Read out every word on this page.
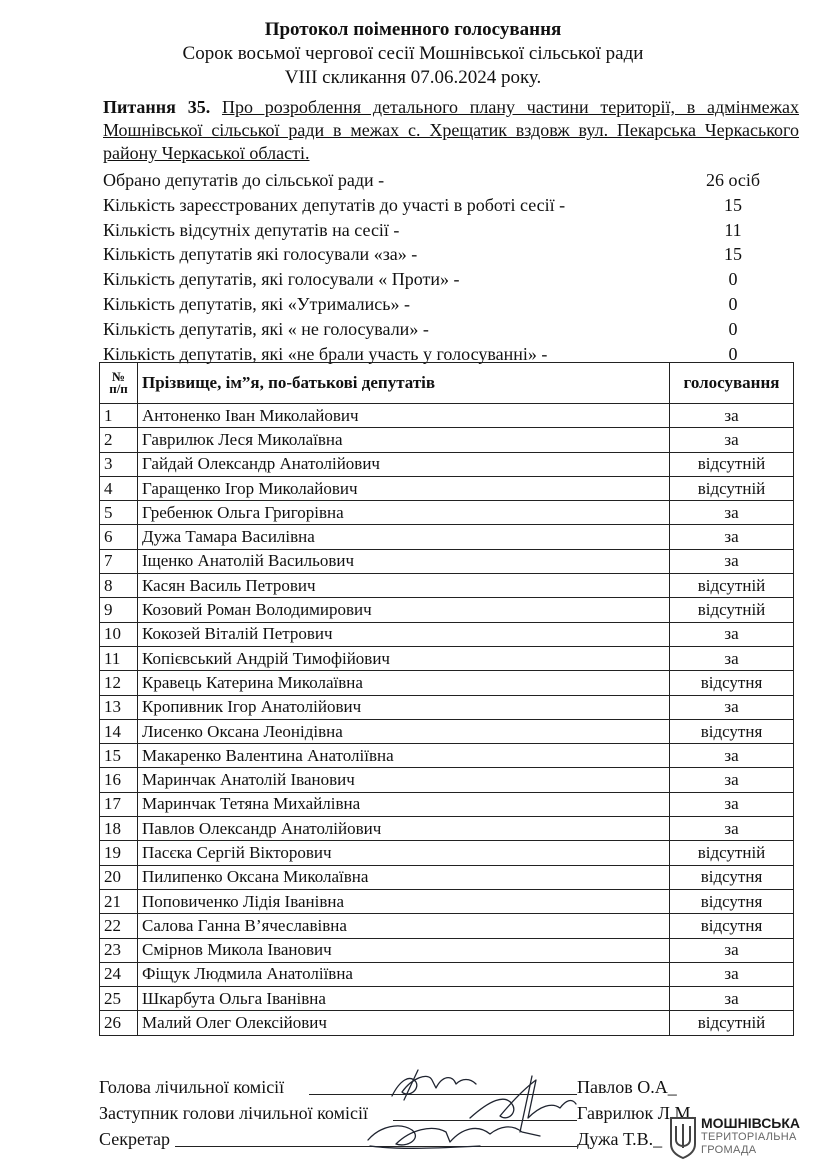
Протокол поіменного голосування
Сорок восьмої чергової сесії Мошнівської сільської ради
VIII скликання 07.06.2024 року.
Питання 35. Про розроблення детального плану частини території, в адмінмежах Мошнівської сільської ради в межах с. Хрещатик вздовж вул. Пекарська Черкаського району Черкаської області.
Обрано депутатів до сільської ради -	26 осіб
Кількість зареєстрованих депутатів до участі в роботі сесії -	15
Кількість відсутніх депутатів на сесії -	11
Кількість депутатів які голосували «за» -	15
Кількість депутатів, які голосували « Проти» -	0
Кількість депутатів, які «Утримались» -	0
Кількість депутатів, які « не голосували» -	0
Кількість депутатів, які «не брали участь у голосуванні» -	0
№
п/п	Прізвище, ім”я, по-батькові депутатів	голосування
1	Антоненко Іван Миколайович	за
2	Гаврилюк Леся Миколаївна	за
3	Гайдай Олександр Анатолійович	відсутній
4	Гаращенко Ігор Миколайович	відсутній
5	Гребенюк Ольга Григорівна	за
6	Дужа Тамара Василівна	за
7	Іщенко Анатолій Васильович	за
8	Касян Василь Петрович	відсутній
9	Козовий Роман Володимирович	відсутній
10	Кокозей Віталій Петрович	за
11	Копієвський Андрій Тимофійович	за
12	Кравець Катерина Миколаївна	відсутня
13	Кропивник Ігор Анатолійович	за
14	Лисенко Оксана Леонідівна	відсутня
15	Макаренко Валентина Анатоліївна	за
16	Маринчак Анатолій Іванович	за
17	Маринчак Тетяна Михайлівна	за
18	Павлов Олександр Анатолійович	за
19	Пасєка Сергій Вікторович	відсутній
20	Пилипенко Оксана Миколаївна	відсутня
21	Поповиченко Лідія Іванівна	відсутня
22	Салова Ганна В’ячеславівна	відсутня
23	Смірнов Микола Іванович	за
24	Фіщук Людмила Анатоліївна	за
25	Шкарбута Ольга Іванівна	за
26	Малий Олег Олексійович	відсутній
Голова лічильної комісії	Павлов О.А_
Заступник голови лічильної комісії	Гаврилюк Л.М.
Секретар	Дужа Т.В._
МОШНІВСЬКА
ТЕРИТОРІАЛЬНА
ГРОМАДА
